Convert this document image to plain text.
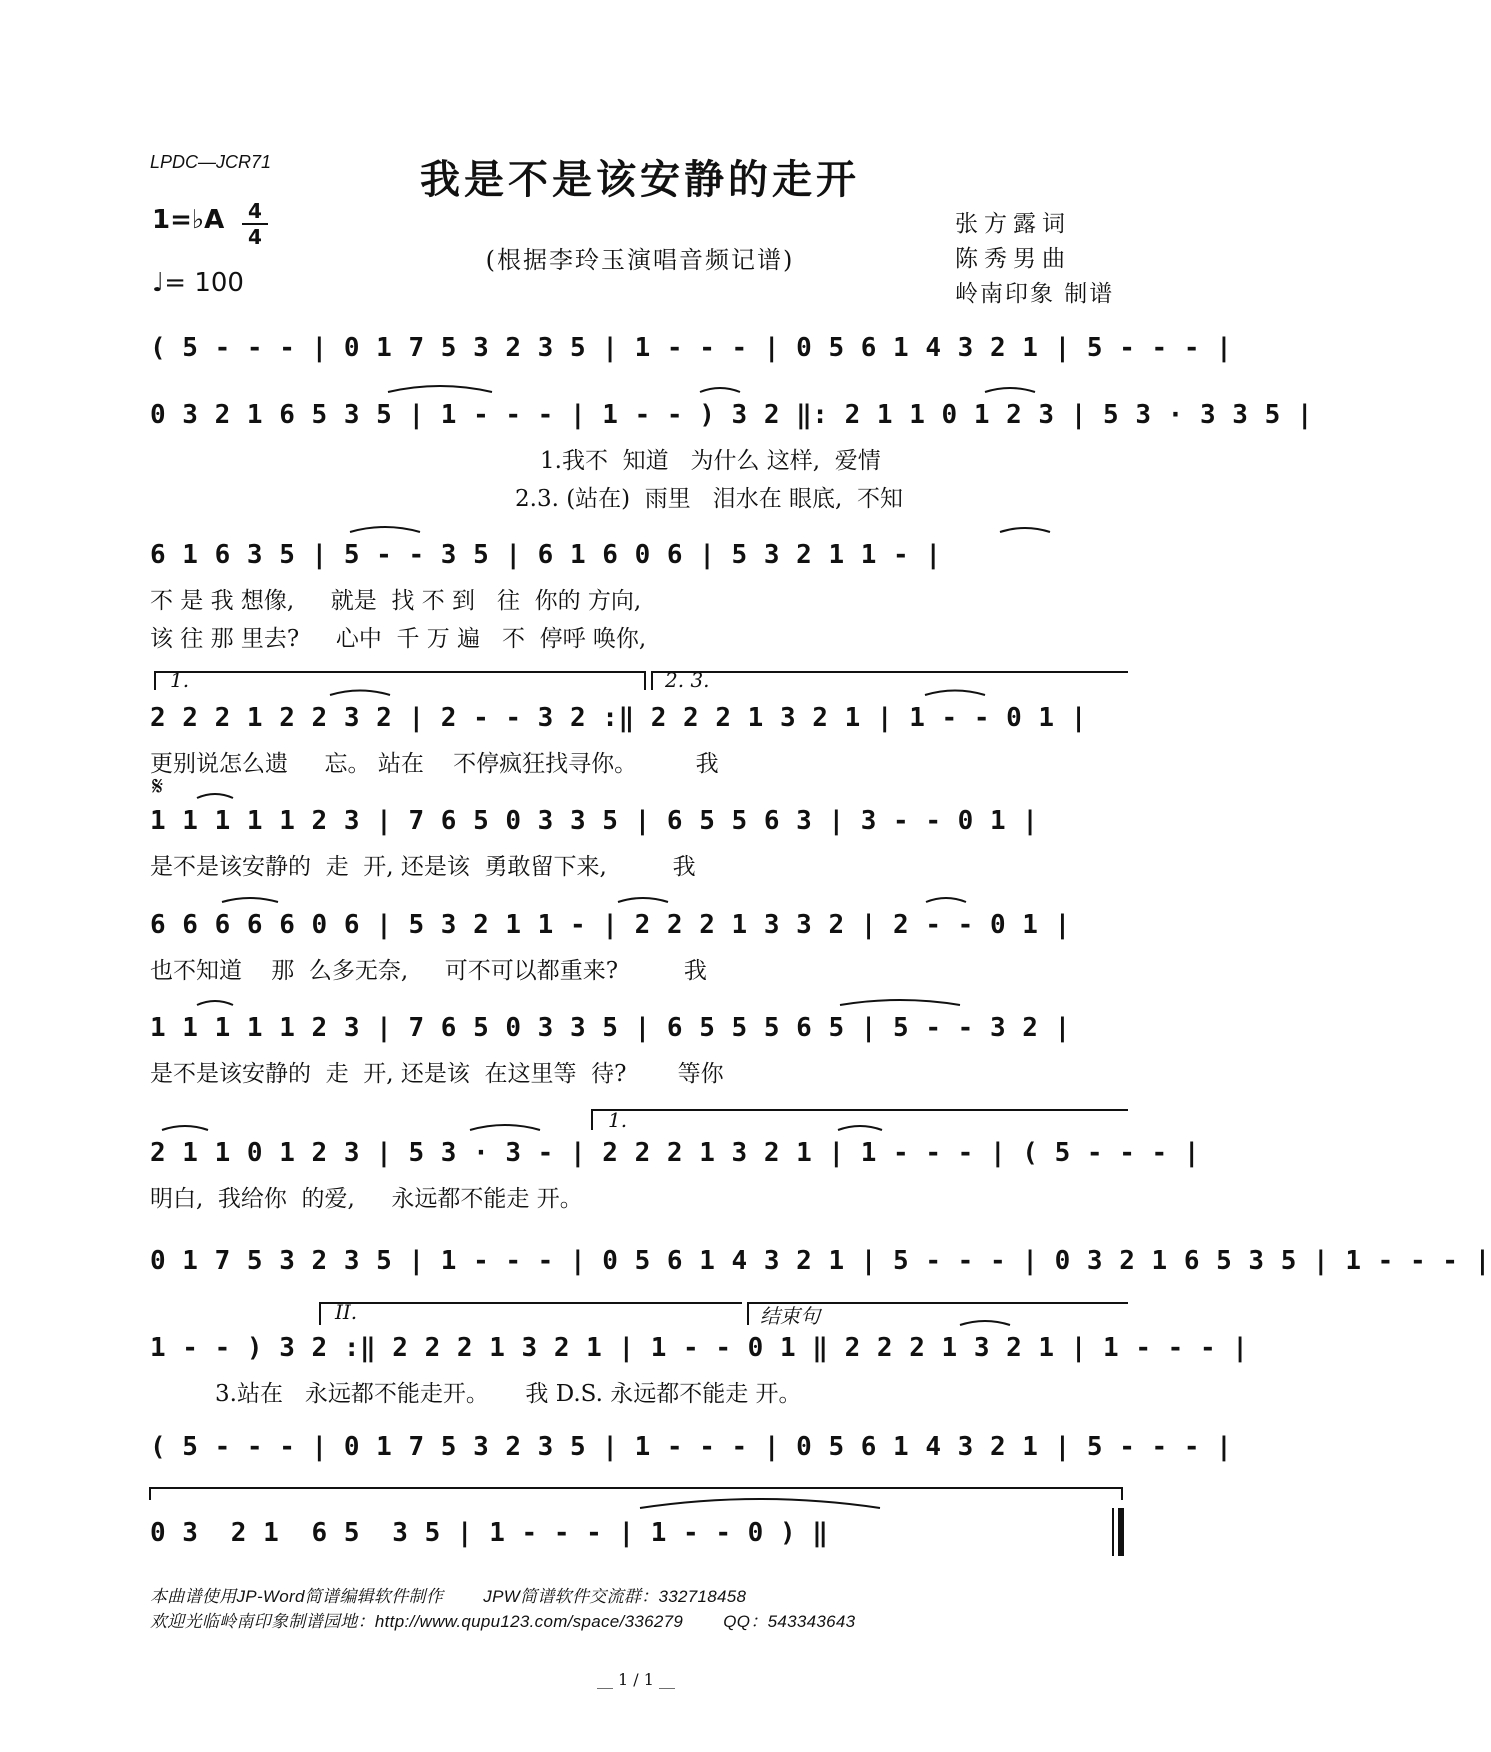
LPDC—JCR71	我是不是该安静的走开
(根据李玲玉演唱音频记谱)
1=♭A	4
4
♩= 100
张方露词
陈秀男曲
岭南印象 制谱
( 5 - - - | 0 1 7 5 3 2 3 5 | 1 - - - | 0 5 6 1 4 3 2 1 | 5 - - - |
0 3 2 1 6 5 3 5 | 1 - - - | 1 - - ) 3 2 ‖: 2 1 1 0 1 2 3 | 5 3 · 3 3 5 |
1.我不  知道   为什么 这样,  爱情
2.3. (站在)  雨里   泪水在 眼底,  不知
6 1 6 3 5 | 5 - - 3 5 | 6 1 6 0 6 | 5 3 2 1 1 - |
不 是 我 想像,     就是  找 不 到   往  你的 方向,
该 往 那 里去?     心中  千 万 遍   不  停呼 唤你,
1.	2. 3.
2 2 2 1 2 2 3 2 | 2 - - 3 2 :‖ 2 2 2 1 3 2 1 | 1 - - 0 1 |
更别说怎么遗     忘。 站在    不停疯狂找寻你。        我
𝄋
1 1 1 1 1 2 3 | 7 6 5 0 3 3 5 | 6 5 5 6 3 | 3 - - 0 1 |
是不是该安静的  走  开, 还是该  勇敢留下来,         我
6 6 6 6 6 0 6 | 5 3 2 1 1 - | 2 2 2 1 3 3 2 | 2 - - 0 1 |
也不知道    那  么多无奈,     可不可以都重来?         我
1 1 1 1 1 2 3 | 7 6 5 0 3 3 5 | 6 5 5 5 6 5 | 5 - - 3 2 |
是不是该安静的  走  开, 还是该  在这里等  待?       等你
1.
2 1 1 0 1 2 3 | 5 3 · 3 - | 2 2 2 1 3 2 1 | 1 - - - | ( 5 - - - |
明白,  我给你  的爱,     永远都不能走 开。
0 1 7 5 3 2 3 5 | 1 - - - | 0 5 6 1 4 3 2 1 | 5 - - - | 0 3 2 1 6 5 3 5 | 1 - - - |
II.	结束句
1 - - ) 3 2 :‖ 2 2 2 1 3 2 1 | 1 - - 0 1 ‖ 2 2 2 1 3 2 1 | 1 - - - |
3.站在   永远都不能走开。     我 D.S. 永远都不能走 开。
( 5 - - - | 0 1 7 5 3 2 3 5 | 1 - - - | 0 5 6 1 4 3 2 1 | 5 - - - |
0 3  2 1  6 5  3 5 | 1 - - - | 1 - - 0 ) ‖
本曲谱使用JP-Word简谱编辑软件制作        JPW简谱软件交流群：332718458
欢迎光临岭南印象制谱园地：http://www.qupu123.com/space/336279        QQ：543343643
__ 1 / 1 __
